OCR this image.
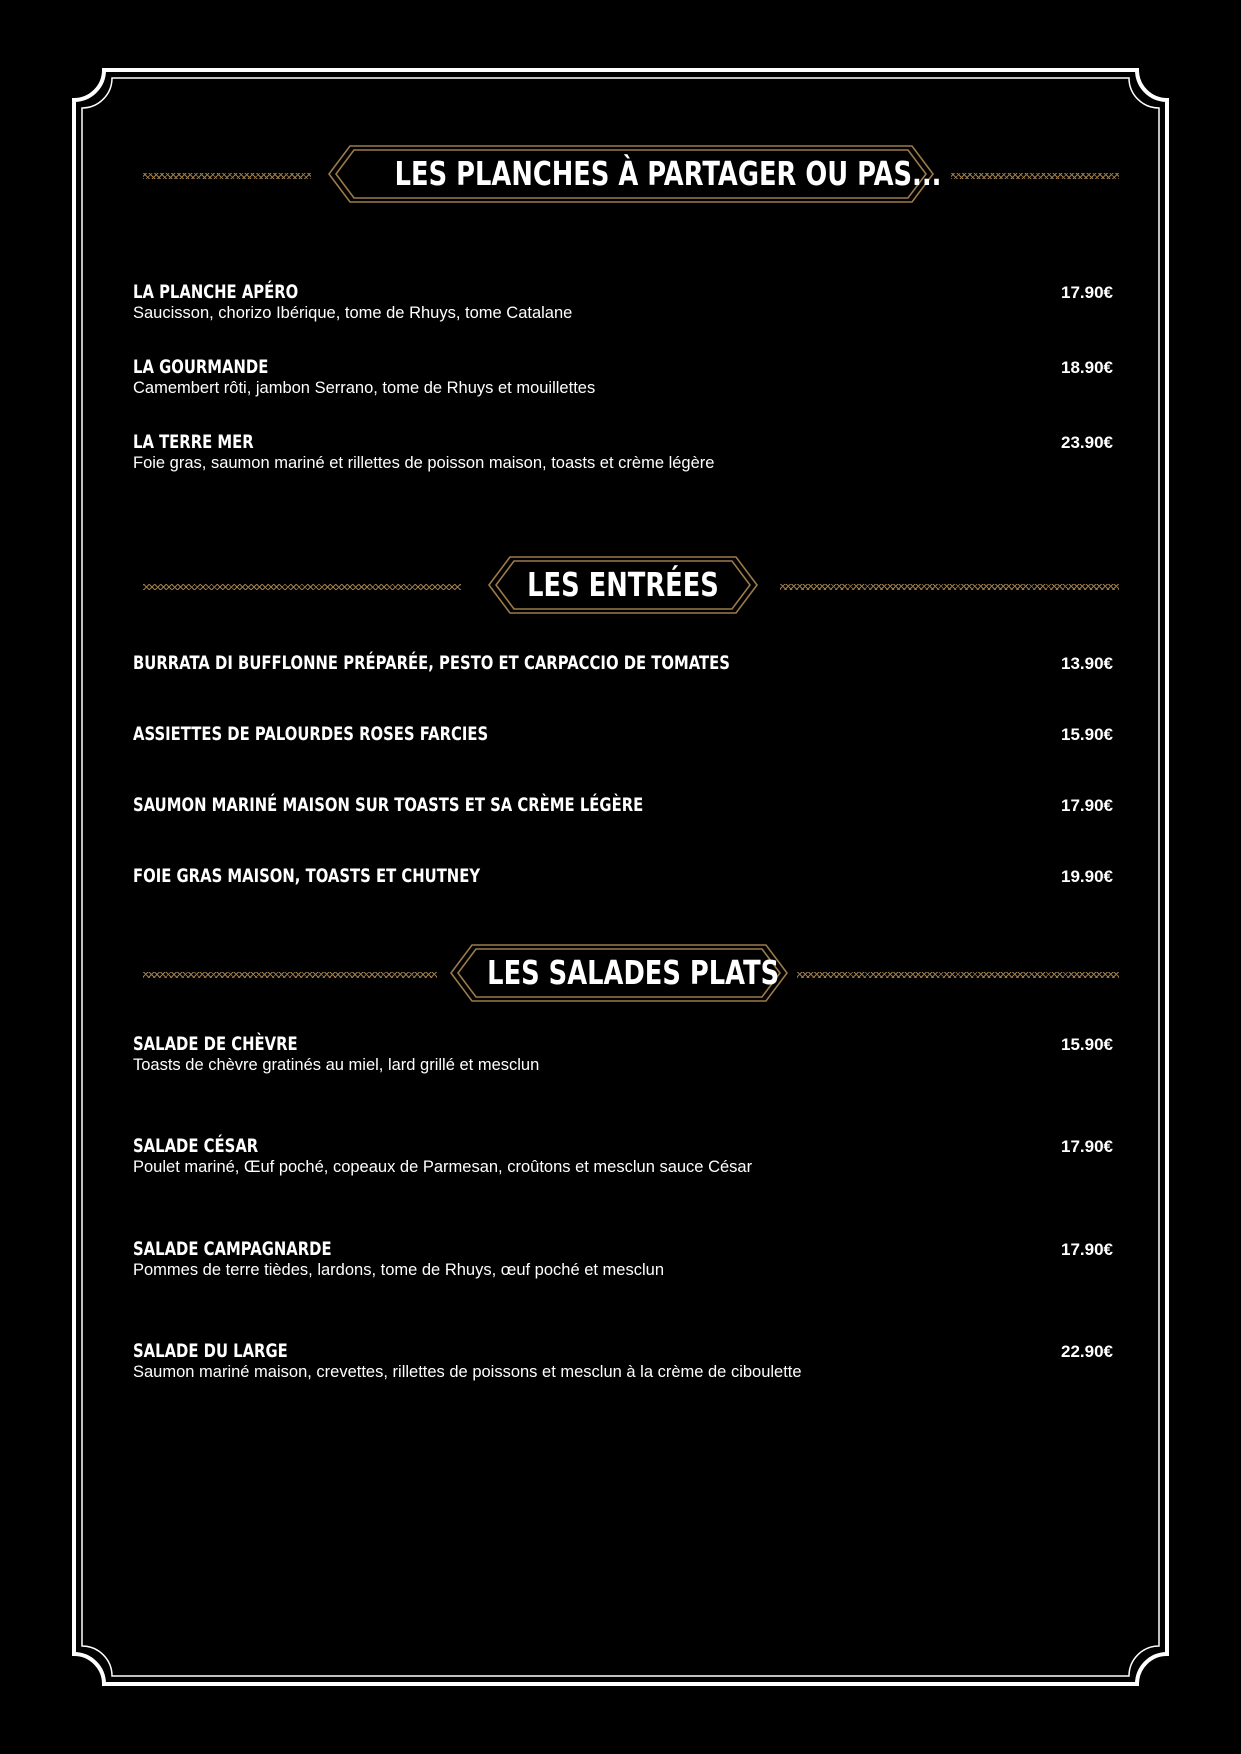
LES PLANCHES À PARTAGER OU PAS...
LA PLANCHE APÉRO
Saucisson, chorizo Ibérique, tome de Rhuys, tome Catalane
17.90€
LA GOURMANDE
Camembert rôti, jambon Serrano, tome de Rhuys et mouillettes
18.90€
LA TERRE MER
Foie gras, saumon mariné et rillettes de poisson maison, toasts et crème légère
23.90€
LES ENTRÉES
BURRATA DI BUFFLONNE PRÉPARÉE, PESTO ET CARPACCIO DE TOMATES	13.90€
ASSIETTES DE PALOURDES ROSES FARCIES	15.90€
SAUMON MARINÉ MAISON SUR TOASTS ET SA CRÈME LÉGÈRE	17.90€
FOIE GRAS MAISON, TOASTS ET CHUTNEY	19.90€
LES SALADES PLATS
SALADE DE CHÈVRE
Toasts de chèvre gratinés au miel, lard grillé et mesclun
15.90€
SALADE CÉSAR
Poulet mariné, Œuf poché, copeaux de Parmesan, croûtons et mesclun sauce César
17.90€
SALADE CAMPAGNARDE
Pommes de terre tièdes, lardons, tome de Rhuys, œuf poché et mesclun
17.90€
SALADE DU LARGE
Saumon mariné maison, crevettes, rillettes de poissons et mesclun à la crème de ciboulette
22.90€
